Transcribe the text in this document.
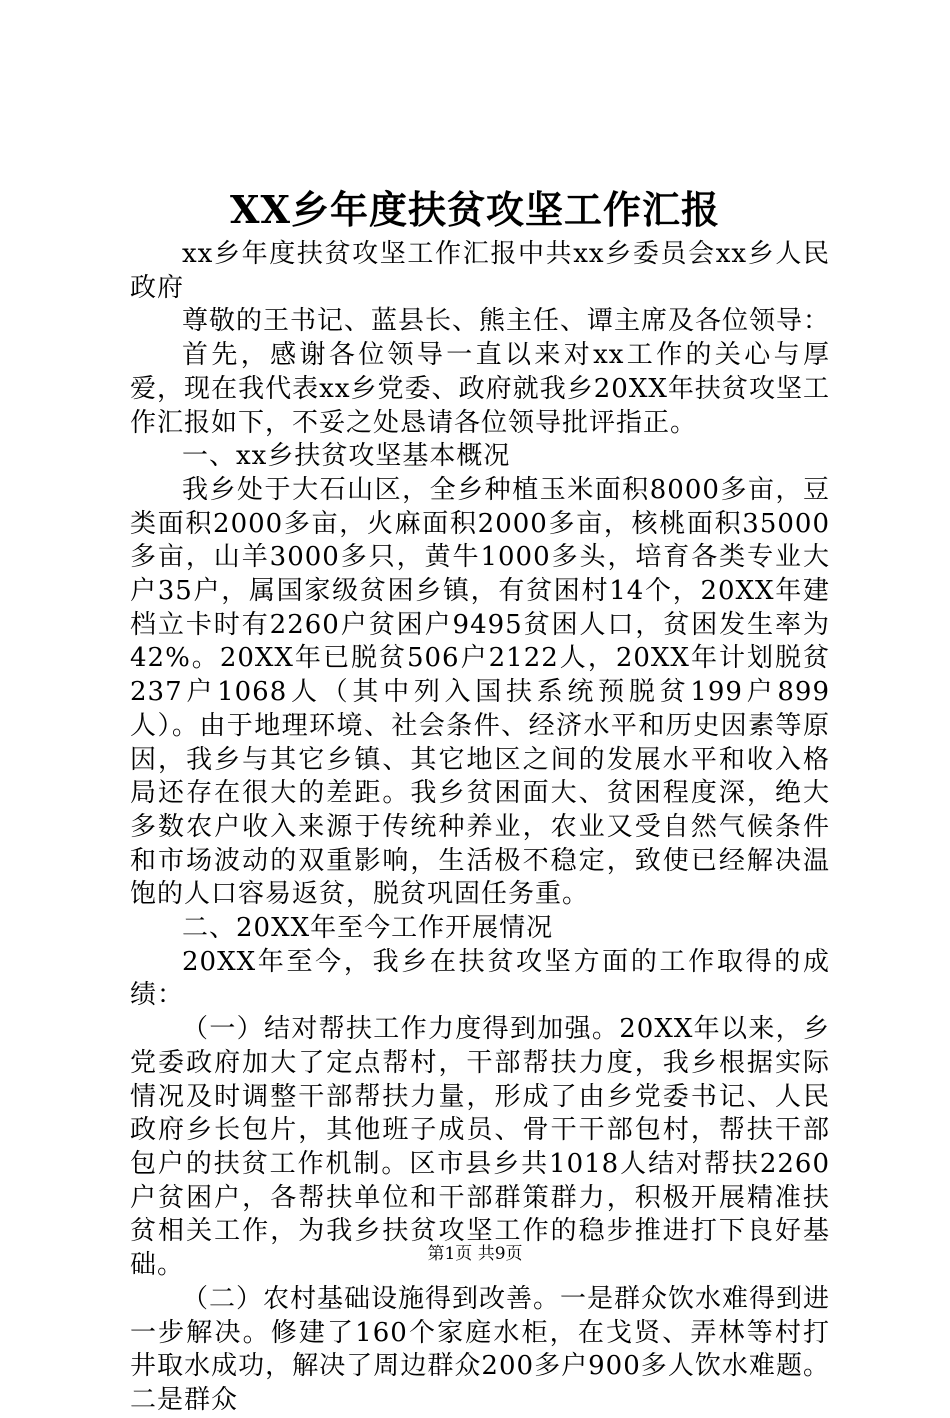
XX乡年度扶贫攻坚工作汇报

xx乡年度扶贫攻坚工作汇报中共xx乡委员会xx乡人民政府

尊敬的王书记、蓝县长、熊主任、谭主席及各位领导：

首先，感谢各位领导一直以来对xx工作的关心与厚爱，现在我代表xx乡党委、政府就我乡20XX年扶贫攻坚工作汇报如下，不妥之处恳请各位领导批评指正。

一、xx乡扶贫攻坚基本概况

我乡处于大石山区，全乡种植玉米面积8000多亩，豆类面积2000多亩，火麻面积2000多亩，核桃面积35000多亩，山羊3000多只，黄牛1000多头，培育各类专业大户35户，属国家级贫困乡镇，有贫困村14个，20XX年建档立卡时有2260户贫困户9495贫困人口，贫困发生率为42%。20XX年已脱贫506户2122人，20XX年计划脱贫237户1068人（其中列入国扶系统预脱贫199户899人）。由于地理环境、社会条件、经济水平和历史因素等原因，我乡与其它乡镇、其它地区之间的发展水平和收入格局还存在很大的差距。我乡贫困面大、贫困程度深，绝大多数农户收入来源于传统种养业，农业又受自然气候条件和市场波动的双重影响，生活极不稳定，致使已经解决温饱的人口容易返贫，脱贫巩固任务重。

二、20XX年至今工作开展情况

20XX年至今，我乡在扶贫攻坚方面的工作取得的成绩：

（一）结对帮扶工作力度得到加强。20XX年以来，乡党委政府加大了定点帮村，干部帮扶力度，我乡根据实际情况及时调整干部帮扶力量，形成了由乡党委书记、人民政府乡长包片，其他班子成员、骨干干部包村，帮扶干部包户的扶贫工作机制。区市县乡共1018人结对帮扶2260户贫困户，各帮扶单位和干部群策群力，积极开展精准扶贫相关工作，为我乡扶贫攻坚工作的稳步推进打下良好基础。

（二）农村基础设施得到改善。一是群众饮水难得到进一步解决。修建了160个家庭水柜，在戈贤、弄林等村打井取水成功，解决了周边群众200多户900多人饮水难题。二是群众

第1页 共9页
